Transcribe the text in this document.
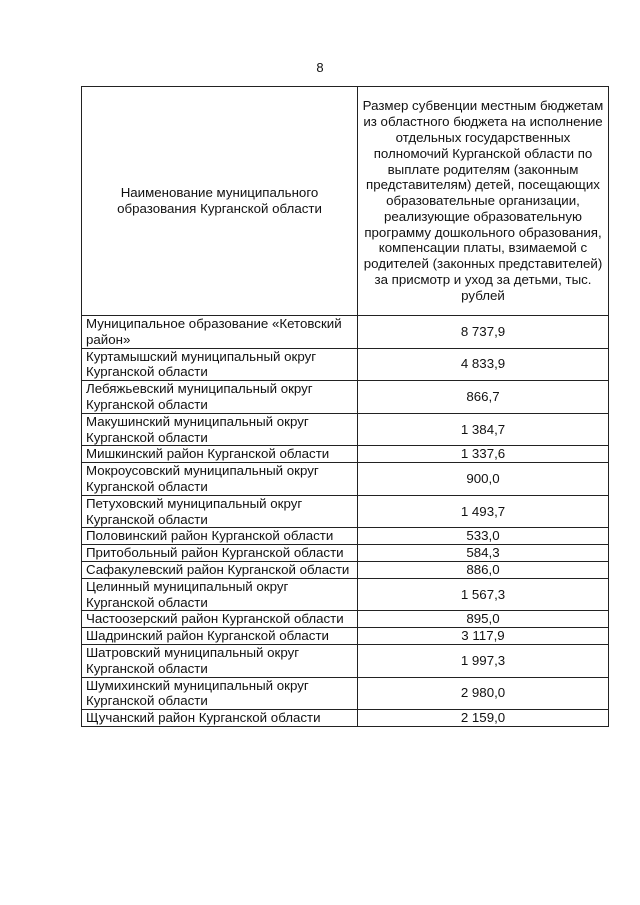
8
Наименование муниципального образования Курганской области	Размер субвенции местным бюджетам из областного бюджета на исполнение отдельных государственных полномочий Курганской области по выплате родителям (законным представителям) детей, посещающих образовательные организации, реализующие образовательную программу дошкольного образования, компенсации платы, взимаемой с родителей (законных представителей) за присмотр и уход за детьми, тыс. рублей
Муниципальное образование «Кетовский район»	8 737,9
Куртамышский муниципальный округ Курганской области	4 833,9
Лебяжьевский муниципальный округ Курганской области	866,7
Макушинский муниципальный округ Курганской области	1 384,7
Мишкинский район Курганской области	1 337,6
Мокроусовский муниципальный округ Курганской области	900,0
Петуховский муниципальный округ Курганской области	1 493,7
Половинский район Курганской области	533,0
Притобольный район Курганской области	584,3
Сафакулевский район Курганской области	886,0
Целинный муниципальный округ Курганской области	1 567,3
Частоозерский район Курганской области	895,0
Шадринский район Курганской области	3 117,9
Шатровский муниципальный округ Курганской области	1 997,3
Шумихинский муниципальный округ Курганской области	2 980,0
Щучанский район Курганской области	2 159,0
